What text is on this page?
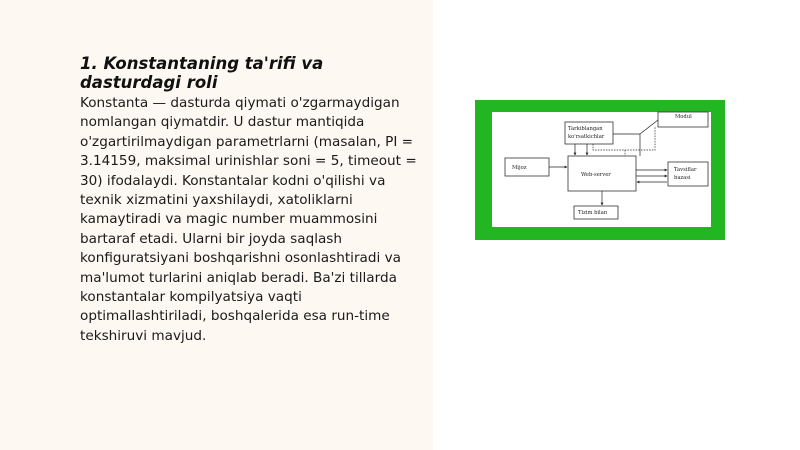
1. Konstantaning ta'rifi va dasturdagi roli

Konstanta — dasturda qiymati o'zgarmaydigan nomlangan qiymatdir. U dastur mantiqida o'zgartirilmaydigan parametrlarni (masalan, PI = 3.14159, maksimal urinishlar soni = 5, timeout = 30) ifodalaydi. Konstantalar kodni o'qilishi va texnik xizmatini yaxshilaydi, xatoliklarni kamaytiradi va magic number muammosini bartaraf etadi. Ularni bir joyda saqlash konfiguratsiyani boshqarishni osonlashtiradi va ma'lumot turlarini aniqlab beradi. Ba'zi tillarda konstantalar kompilyatsiya vaqti optimallashtiriladi, boshqalerida esa run-time tekshiruvi mavjud.

Modul
Tarkiblangan
ko'rsatkichlar
Web-server
Mijoz	Tavsiflar
bazasi
Tizim bilan
